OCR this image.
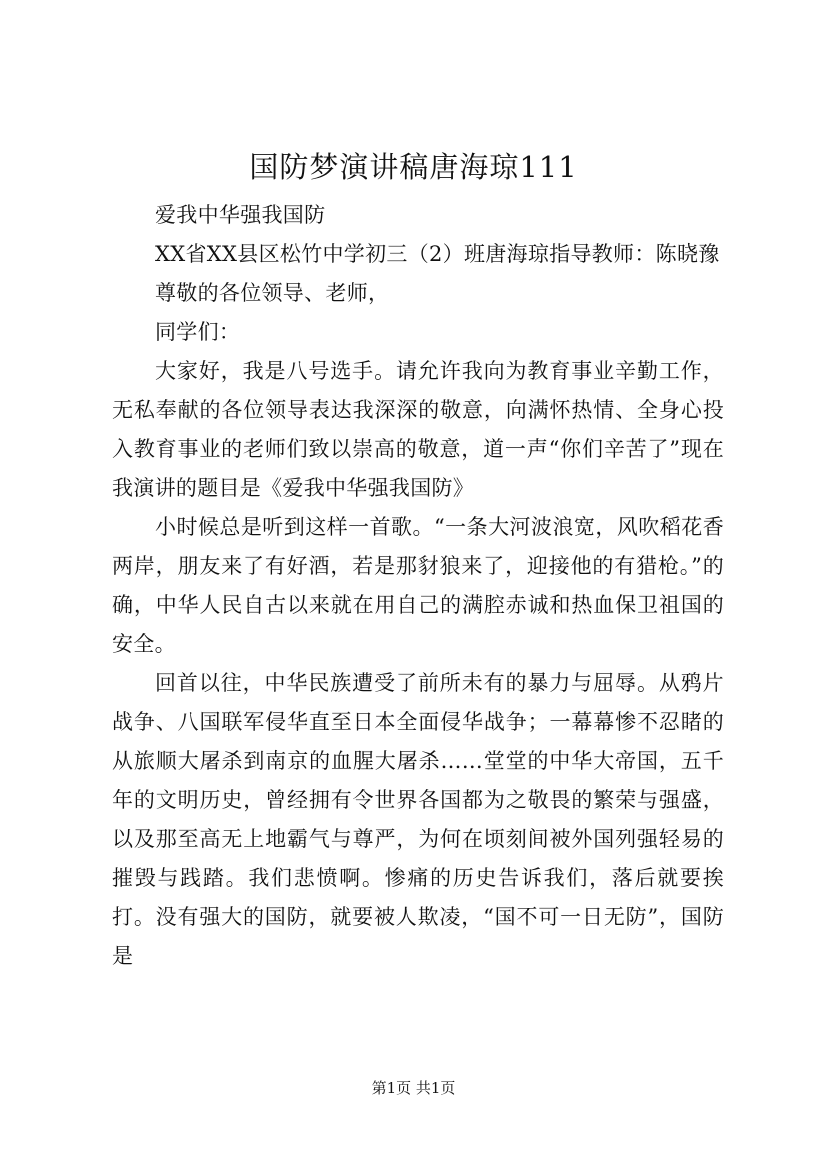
国防梦演讲稿唐海琼111

爱我中华强我国防

XX省XX县区松竹中学初三（2）班唐海琼指导教师：陈晓豫

尊敬的各位领导、老师，

同学们：

大家好，我是八号选手。请允许我向为教育事业辛勤工作，无私奉献的各位领导表达我深深的敬意，向满怀热情、全身心投入教育事业的老师们致以崇高的敬意，道一声“你们辛苦了”现在我演讲的题目是《爱我中华强我国防》

小时候总是听到这样一首歌。“一条大河波浪宽，风吹稻花香两岸，朋友来了有好酒，若是那豺狼来了，迎接他的有猎枪。”的确，中华人民自古以来就在用自己的满腔赤诚和热血保卫祖国的安全。

回首以往，中华民族遭受了前所未有的暴力与屈辱。从鸦片战争、八国联军侵华直至日本全面侵华战争；一幕幕惨不忍睹的从旅顺大屠杀到南京的血腥大屠杀……堂堂的中华大帝国，五千年的文明历史，曾经拥有令世界各国都为之敬畏的繁荣与强盛，以及那至高无上地霸气与尊严，为何在顷刻间被外国列强轻易的摧毁与践踏。我们悲愤啊。惨痛的历史告诉我们，落后就要挨打。没有强大的国防，就要被人欺凌，“国不可一日无防”，国防是

第1页 共1页
